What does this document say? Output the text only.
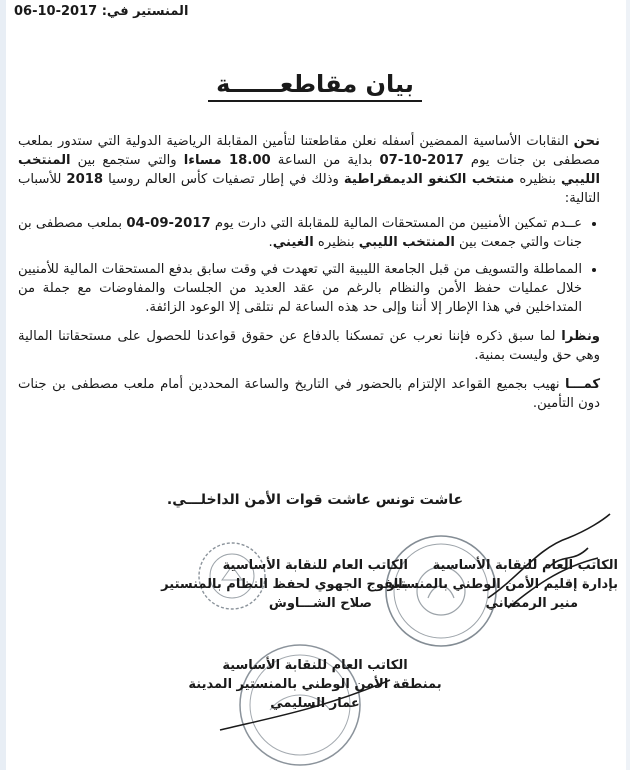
المنستير في: 2017-10-06
بيان مقاطعــــــة

نحن النقابات الأساسية الممضين أسفله نعلن مقاطعتنا لتأمين المقابلة الرياضية الدولية التي ستدور بملعب مصطفى بن جنات يوم 2017-10-07 بداية من الساعة 18.00 مساءا والتي ستجمع بين المنتخب الليبي بنظيره منتخب الكنغو الديمقراطية وذلك في إطار تصفيات كأس العالم روسيا 2018 للأسباب التالية:

• عــدم تمكين الأمنيين من المستحقات المالية للمقابلة التي دارت يوم 2017-09-04 بملعب مصطفى بن جنات والتي جمعت بين المنتخب الليبي بنظيره الغيني.
• المماطلة والتسويف من قبل الجامعة الليبية التي تعهدت في وقت سابق بدفع المستحقات المالية للأمنيين خلال عمليات حفظ الأمن والنظام بالرغم من عقد العديد من الجلسات والمفاوضات مع جملة من المتداخلين في هذا الإطار إلا أننا وإلى حد هذه الساعة لم نتلقى إلا الوعود الزائفة.

ونظرا لما سبق ذكره فإننا نعرب عن تمسكنا بالدفاع عن حقوق قواعدنا للحصول على مستحقاتنا المالية وهي حق وليست بمنية.

كمـــا نهيب بجميع القواعد الإلتزام بالحضور في التاريخ والساعة المحددين أمام ملعب مصطفى بن جنات دون التأمين.

عاشت تونس عاشت قوات الأمن الداخلـــي.
الكاتب العام للنقابة الأساسية
بالفوج الجهوي لحفظ النظام بالمنستير
صلاح الشـــاوش
الكاتب العام للنقابة الأساسية
بإدارة إقليم الأمن الوطني بالمنستير
منير الرمضاني
الكاتب العام للنقابة الأساسية
بمنطقة الأمن الوطني بالمنستير المدينة
عمار السليمي
